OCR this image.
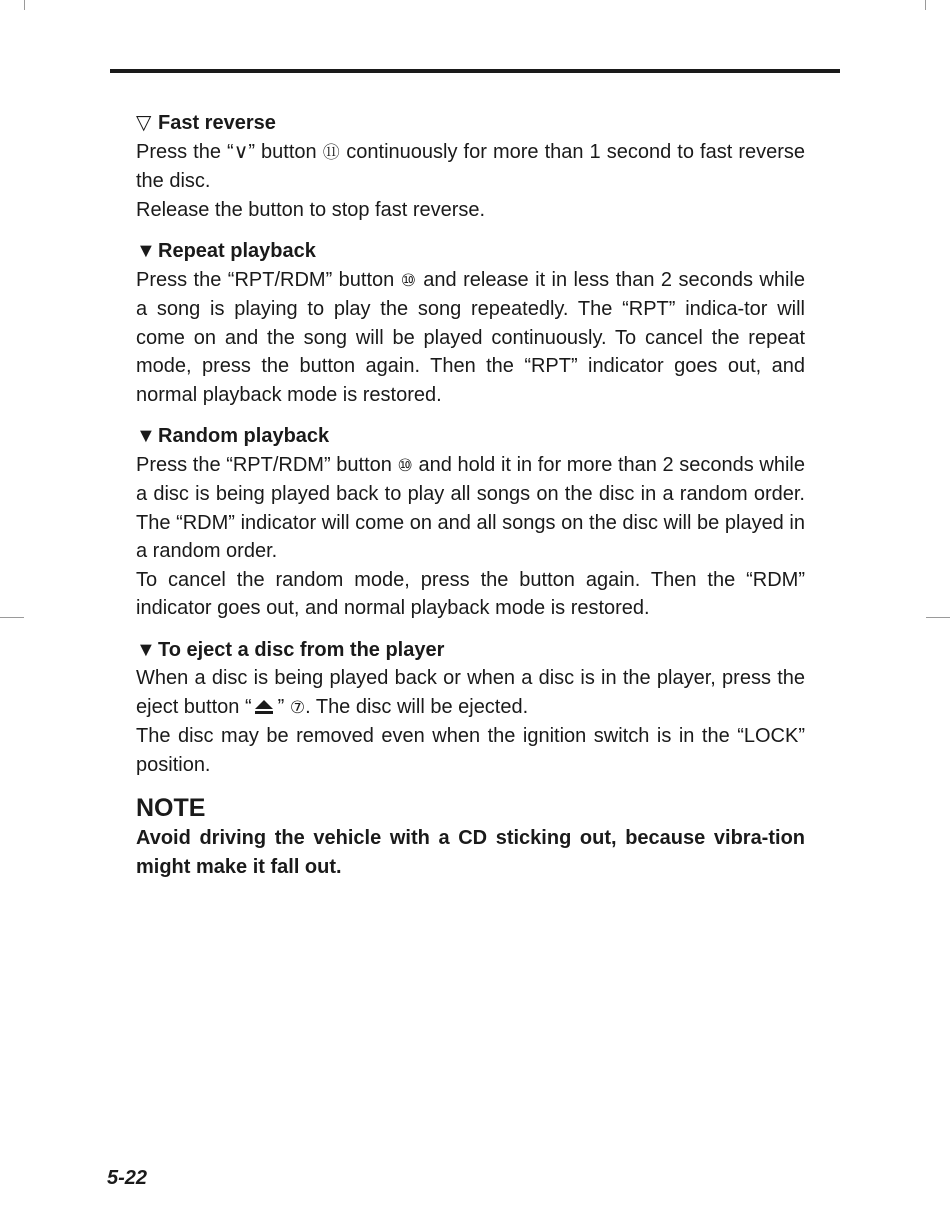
▽ Fast reverse

Press the “∨” button ⑪ continuously for more than 1 second to fast reverse the disc.

Release the button to stop fast reverse.

▼ Repeat playback

Press the “RPT/RDM” button ⑩ and release it in less than 2 seconds while a song is playing to play the song repeatedly. The “RPT” indica-tor will come on and the song will be played continuously. To cancel the repeat mode, press the button again. Then the “RPT” indicator goes out, and normal playback mode is restored.

▼ Random playback

Press the “RPT/RDM” button ⑩ and hold it in for more than 2 seconds while a disc is being played back to play all songs on the disc in a random order. The “RDM” indicator will come on and all songs on the disc will be played in a random order.

To cancel the random mode, press the button again. Then the “RDM” indicator goes out, and normal playback mode is restored.

▼ To eject a disc from the player

When a disc is being played back or when a disc is in the player, press the eject button “ ” ⑦. The disc will be ejected.

The disc may be removed even when the ignition switch is in the “LOCK” position.

NOTE

Avoid driving the vehicle with a CD sticking out, because vibra-tion might make it fall out.

5-22
